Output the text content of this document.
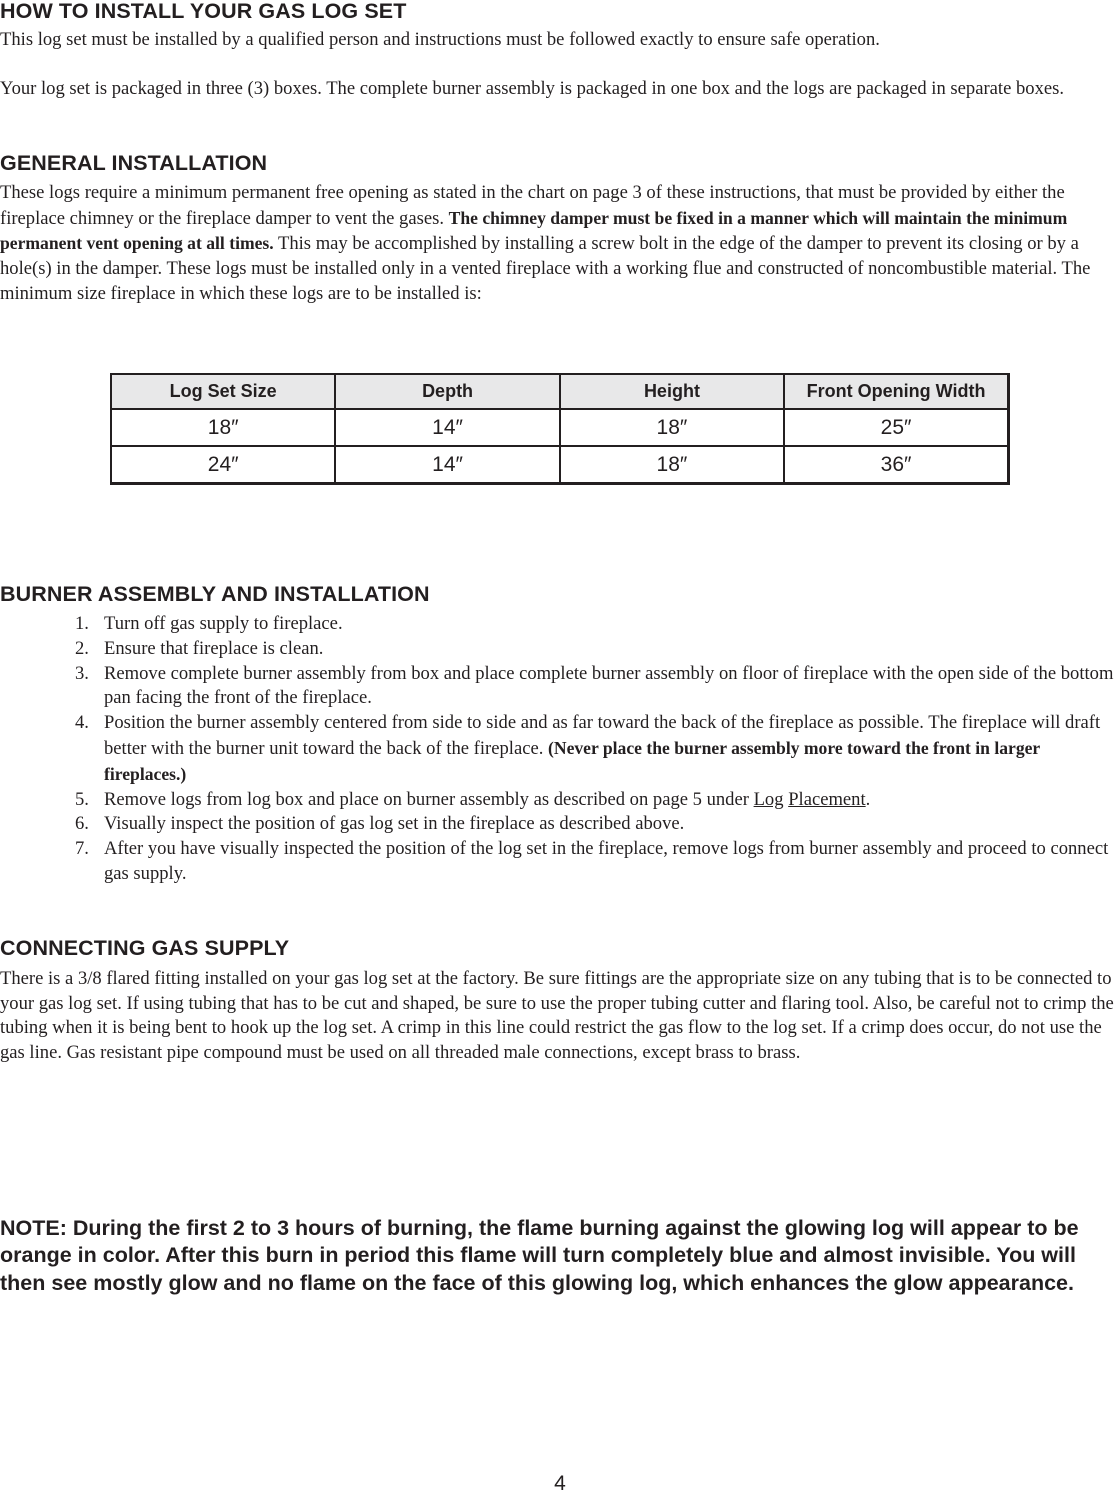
HOW TO INSTALL YOUR GAS LOG SET

This log set must be installed by a qualified person and instructions must be followed exactly to ensure safe operation.

Your log set is packaged in three (3) boxes. The complete burner assembly is packaged in one box and the logs are packaged in separate boxes.

GENERAL INSTALLATION

These logs require a minimum permanent free opening as stated in the chart on page 3 of these instructions, that must be provided by either the fireplace chimney or the fireplace damper to vent the gases. The chimney damper must be fixed in a manner which will maintain the minimum permanent vent opening at all times. This may be accomplished by installing a screw bolt in the edge of the damper to prevent its closing or by a hole(s) in the damper. These logs must be installed only in a vented fireplace with a working flue and constructed of noncombustible material. The minimum size fireplace in which these logs are to be installed is:

Log Set Size	Depth	Height	Front Opening Width
18″	14″	18″	25″
24″	14″	18″	36″
BURNER ASSEMBLY AND INSTALLATION
1. Turn off gas supply to fireplace.
2. Ensure that fireplace is clean.
3. Remove complete burner assembly from box and place complete burner assembly on floor of fireplace with the open side of the bottom pan facing the front of the fireplace.
4. Position the burner assembly centered from side to side and as far toward the back of the fireplace as possible. The fireplace will draft better with the burner unit toward the back of the fireplace. (Never place the burner assembly more toward the front in larger fireplaces.)
5. Remove logs from log box and place on burner assembly as described on page 5 under Log Placement.
6. Visually inspect the position of gas log set in the fireplace as described above.
7. After you have visually inspected the position of the log set in the fireplace, remove logs from burner assembly and proceed to connect gas supply.
CONNECTING GAS SUPPLY

There is a 3/8 flared fitting installed on your gas log set at the factory. Be sure fittings are the appropriate size on any tubing that is to be connected to your gas log set. If using tubing that has to be cut and shaped, be sure to use the proper tubing cutter and flaring tool. Also, be careful not to crimp the tubing when it is being bent to hook up the log set. A crimp in this line could restrict the gas flow to the log set. If a crimp does occur, do not use the gas line. Gas resistant pipe compound must be used on all threaded male connections, except brass to brass.

NOTE: During the first 2 to 3 hours of burning, the flame burning against the glowing log will appear to be orange in color. After this burn in period this flame will turn completely blue and almost invisible. You will then see mostly glow and no flame on the face of this glowing log, which enhances the glow appearance.

4
